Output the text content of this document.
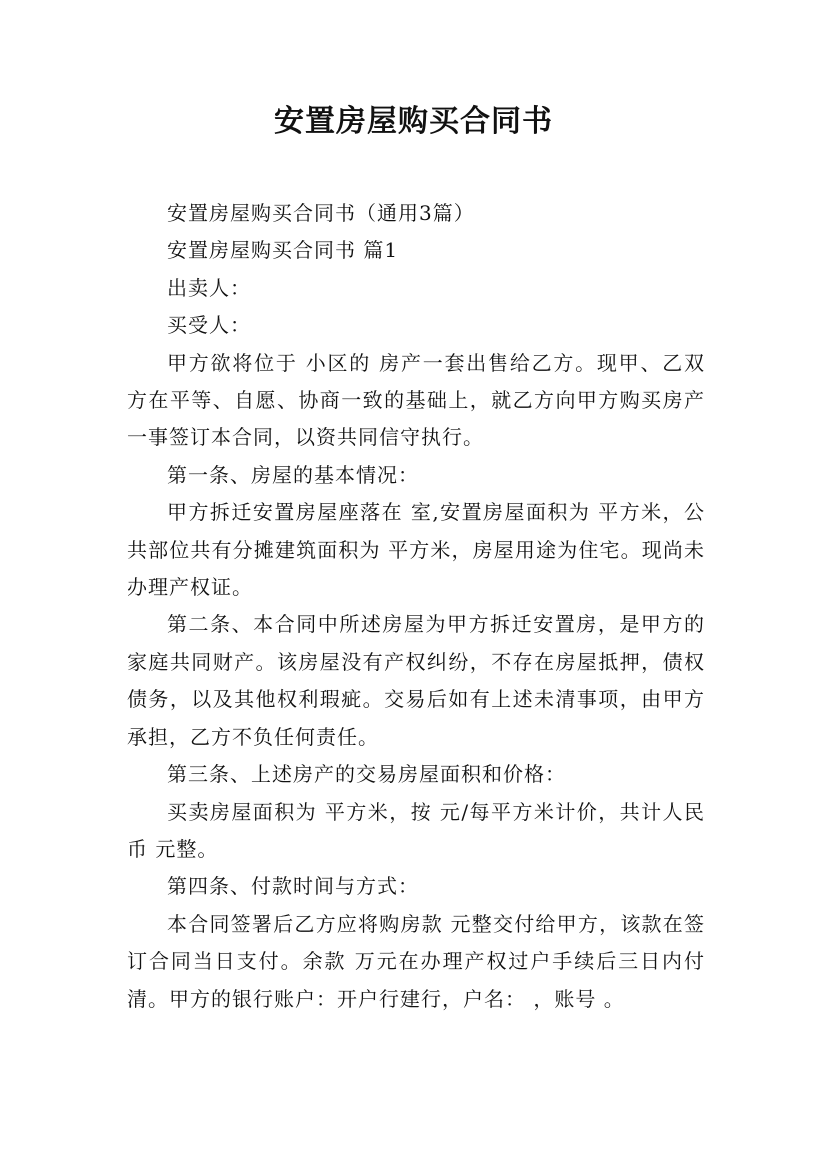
安置房屋购买合同书

安置房屋购买合同书（通用3篇）

安置房屋购买合同书 篇1

出卖人：

买受人：

甲方欲将位于 小区的 房产一套出售给乙方。现甲、乙双方在平等、自愿、协商一致的基础上，就乙方向甲方购买房产一事签订本合同，以资共同信守执行。

第一条、房屋的基本情况：

甲方拆迁安置房屋座落在 室,安置房屋面积为 平方米，公共部位共有分摊建筑面积为 平方米，房屋用途为住宅。现尚未办理产权证。

第二条、本合同中所述房屋为甲方拆迁安置房，是甲方的家庭共同财产。该房屋没有产权纠纷，不存在房屋抵押，债权债务，以及其他权利瑕疵。交易后如有上述未清事项，由甲方承担，乙方不负任何责任。

第三条、上述房产的交易房屋面积和价格：

买卖房屋面积为 平方米，按 元/每平方米计价，共计人民币 元整。

第四条、付款时间与方式：

本合同签署后乙方应将购房款 元整交付给甲方，该款在签订合同当日支付。余款 万元在办理产权过户手续后三日内付清。甲方的银行账户：开户行建行，户名： ，账号 。
